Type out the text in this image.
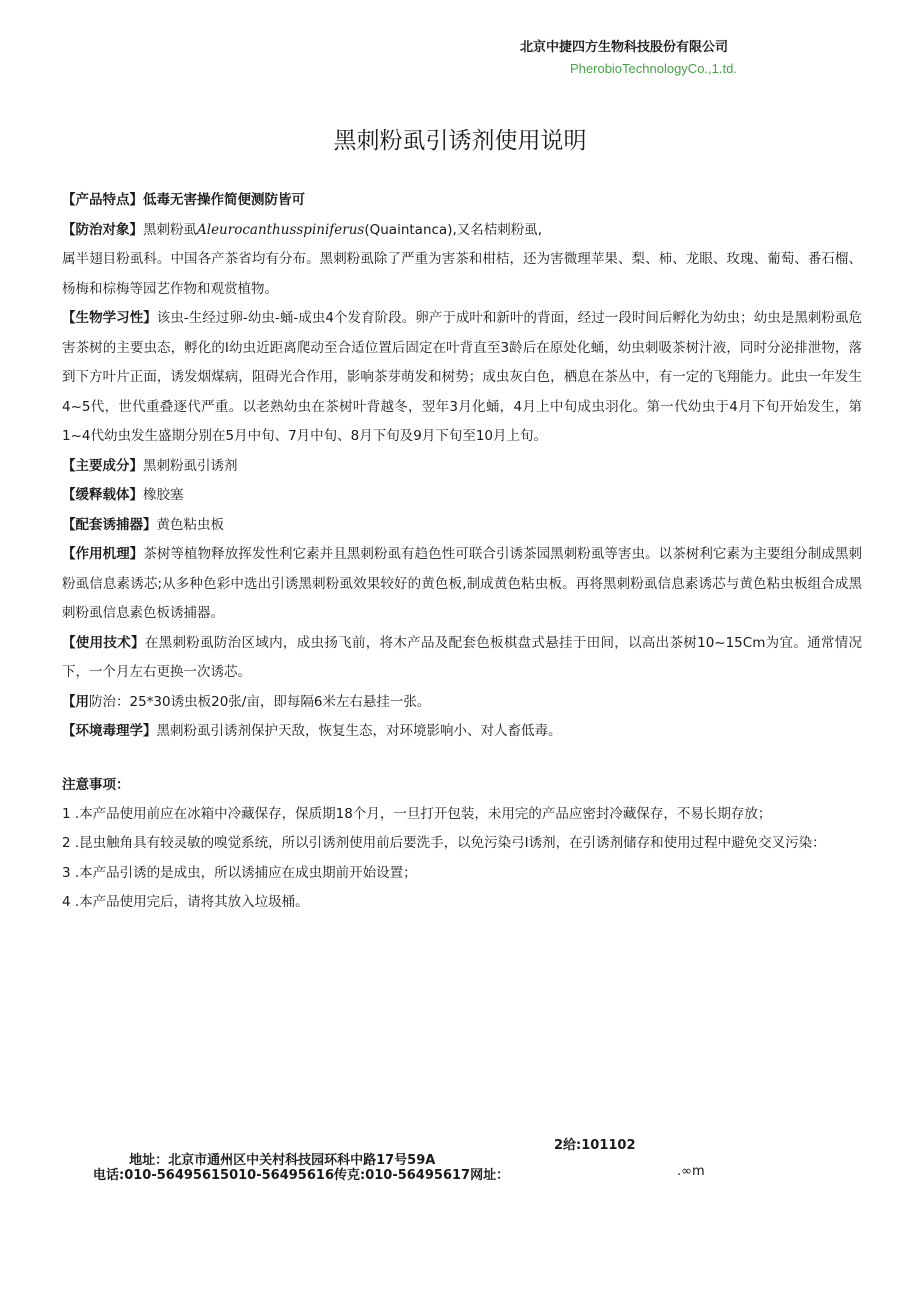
北京中捷四方生物科技股份有限公司
PherobioTechnologyCo.,1.td.
黑刺粉虱引诱剂使用说明

【产品特点】低毒无害操作简便测防皆可

【防治对象】黑刺粉虱Aleurocanthusspiniferus(Quaintanca),又名桔刺粉虱,
属半翅目粉虱科。中国各产茶省均有分布。黑刺粉虱除了严重为害茶和柑桔，还为害微理苹果、梨、柿、龙眼、玫瑰、葡萄、番石榴、杨梅和棕梅等园艺作物和观赏植物。

【生物学习性】该虫-生经过卵-幼虫-蛹-成虫4个发育阶段。卵产于成叶和新叶的背面，经过一段时间后孵化为幼虫；幼虫是黑刺粉虱危害茶树的主要虫态，孵化的I幼虫近距离爬动至合适位置后固定在叶背直至3龄后在原处化蛹，幼虫刺吸茶树汁液，同时分泌排泄物，落到下方叶片正面，诱发烟煤病，阻碍光合作用，影响茶芽萌发和树势；成虫灰白色，栖息在茶丛中，有一定的飞翔能力。此虫一年发生4~5代，世代重叠逐代严重。以老熟幼虫在茶树叶背越冬，翌年3月化蛹，4月上中旬成虫羽化。第一代幼虫于4月下旬开始发生，第1~4代幼虫发生盛期分别在5月中旬、7月中旬、8月下旬及9月下旬至10月上旬。

【主要成分】黑刺粉虱引诱剂

【缓释载体】橡胶塞

【配套诱捕器】黄色粘虫板

【作用机理】茶树等植物释放挥发性利它素并且黑刺粉虱有趋色性可联合引诱茶园黑刺粉虱等害虫。以茶树利它素为主要组分制成黑刺粉虱信息素诱芯;从多种色彩中选出引诱黑刺粉虱效果较好的黄色板,制成黄色粘虫板。再将黑刺粉虱信息素诱芯与黄色粘虫板组合成黑刺粉虱信息素色板诱捕器。

【使用技术】在黑刺粉虱防治区域内，成虫扬飞前，将木产品及配套色板棋盘式悬挂于田间，以高出茶树10~15Cm为宜。通常情况下，一个月左右更换一次诱芯。

【用防治：25*30诱虫板20张/亩，即每隔6米左右悬挂一张。

【环境毒理学】黑刺粉虱引诱剂保护天敌，恢复生态，对环境影响小、对人畜低毒。

注意事项：

1 .本产品使用前应在冰箱中冷藏保存，保质期18个月，一旦打开包装，未用完的产品应密封冷藏保存，不易长期存放；

2 .昆虫触角具有较灵敏的嗅觉系统，所以引诱剂使用前后要洗手，以免污染弓I诱剂，在引诱剂储存和使用过程中避免交叉污染：

3 .本产品引诱的是成虫，所以诱捕应在成虫期前开始设置；

4 .本产品使用完后，请将其放入垃圾桶。

地址：北京市通州区中关村科技园环科中路17号59A

2给:101102

电话:010-56495615010-56495616传克:010-56495617网址：	.∞m
